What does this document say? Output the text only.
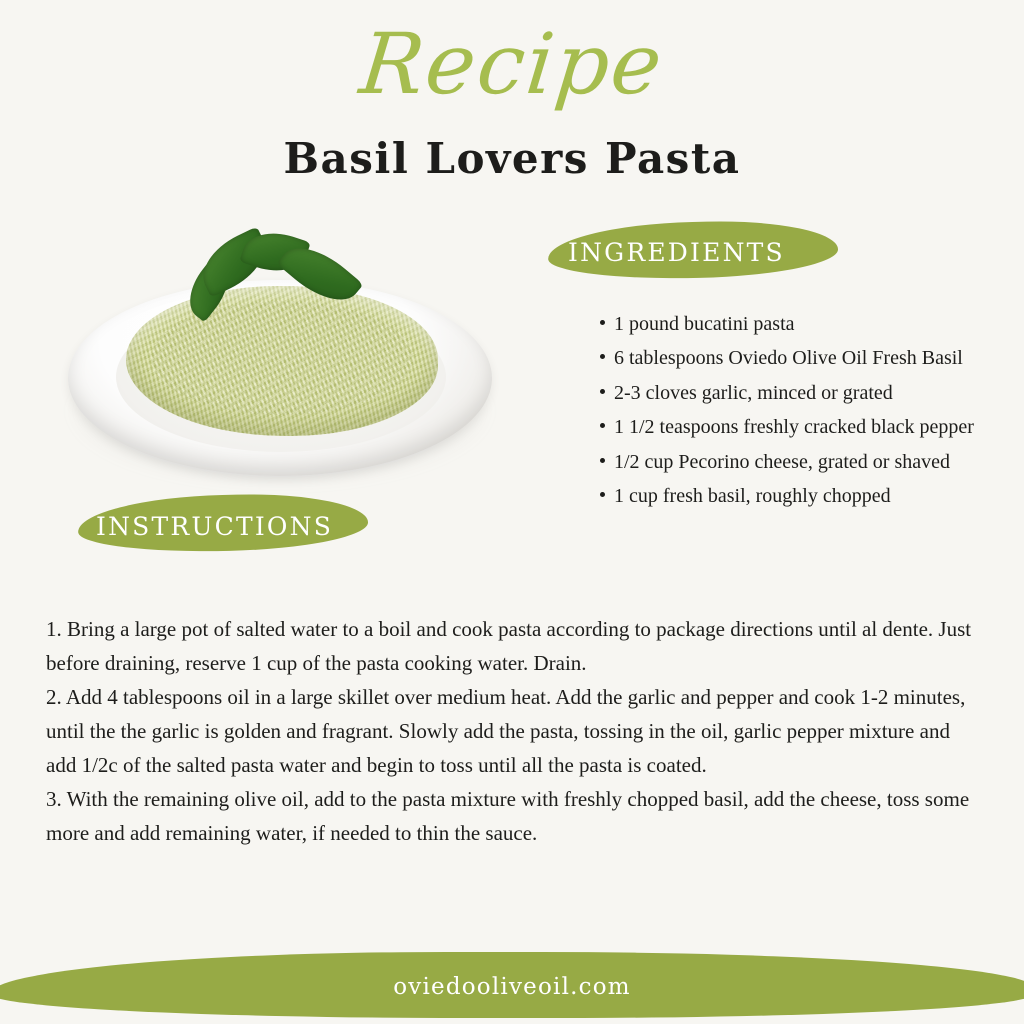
Recipe
Basil Lovers Pasta
INGREDIENTS
1 pound bucatini pasta
6 tablespoons Oviedo Olive Oil Fresh Basil
2-3 cloves garlic, minced or grated
1 1/2 teaspoons freshly cracked black pepper
1/2 cup Pecorino cheese, grated or shaved
1 cup fresh basil, roughly chopped
INSTRUCTIONS

1. Bring a large pot of salted water to a boil and cook pasta according to package directions until al dente. Just before draining, reserve 1 cup of the pasta cooking water. Drain.

2. Add 4 tablespoons oil in a large skillet over medium heat. Add the garlic and pepper and cook 1-2 minutes, until the the garlic is golden and fragrant. Slowly add the pasta, tossing in the oil, garlic pepper mixture and add 1/2c of the salted pasta water and begin to toss until all the pasta is coated.

3. With the remaining olive oil, add to the pasta mixture with freshly chopped basil, add the cheese, toss some more and add remaining water, if needed to thin the sauce.

oviedooliveoil.com
